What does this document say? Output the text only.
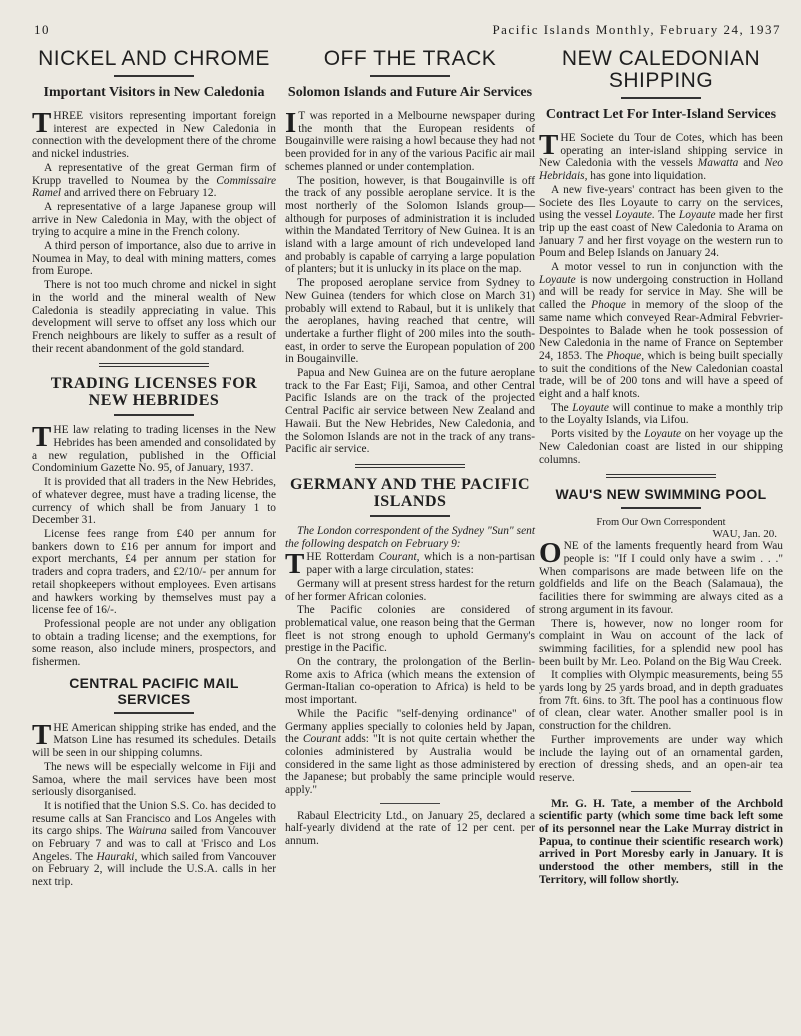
10	Pacific Islands Monthly, February 24, 1937
NICKEL AND CHROME
Important Visitors in New Caledonia

THREE visitors representing important foreign interest are expected in New Caledonia in connection with the development there of the chrome and nickel industries.

A representative of the great German firm of Krupp travelled to Noumea by the Commissaire Ramel and arrived there on February 12.

A representative of a large Japanese group will arrive in New Caledonia in May, with the object of trying to acquire a mine in the French colony.

A third person of importance, also due to arrive in Noumea in May, to deal with mining matters, comes from Europe.

There is not too much chrome and nickel in sight in the world and the mineral wealth of New Caledonia is steadily appreciating in value. This development will serve to offset any loss which our French neighbours are likely to suffer as a result of their recent abandonment of the gold standard.

TRADING LICENSES FOR NEW HEBRIDES

THE law relating to trading licenses in the New Hebrides has been amended and consolidated by a new regulation, published in the Official Condominium Gazette No. 95, of January, 1937.

It is provided that all traders in the New Hebrides, of whatever degree, must have a trading license, the currency of which shall be from January 1 to December 31.

License fees range from £40 per annum for bankers down to £16 per annum for import and export merchants, £4 per annum per station for traders and copra traders, and £2/10/- per annum for retail shopkeepers without employees. Even artisans and hawkers working by themselves must pay a license fee of 16/-.

Professional people are not under any obligation to obtain a trading license; and the exemptions, for some reason, also include miners, prospectors, and fishermen.

CENTRAL PACIFIC MAIL SERVICES

THE American shipping strike has ended, and the Matson Line has resumed its schedules. Details will be seen in our shipping columns.

The news will be especially welcome in Fiji and Samoa, where the mail services have been most seriously disorganised.

It is notified that the Union S.S. Co. has decided to resume calls at San Francisco and Los Angeles with its cargo ships. The Wairuna sailed from Vancouver on February 7 and was to call at 'Frisco and Los Angeles. The Hauraki, which sailed from Vancouver on February 2, will include the U.S.A. calls in her next trip.

OFF THE TRACK
Solomon Islands and Future Air Services

I T was reported in a Melbourne newspaper during the month that the European residents of Bougainville were raising a howl because they had not been provided for in any of the various Pacific air mail schemes planned or under contemplation.

The position, however, is that Bougainville is off the track of any possible aeroplane service. It is the most northerly of the Solomon Islands group—although for purposes of administration it is included within the Mandated Territory of New Guinea. It is an island with a large amount of rich undeveloped land and probably is capable of carrying a large population of planters; but it is unlucky in its place on the map.

The proposed aeroplane service from Sydney to New Guinea (tenders for which close on March 31) probably will extend to Rabaul, but it is unlikely that the aeroplanes, having reached that centre, will undertake a further flight of 200 miles into the south-east, in order to serve the European population of 200 in Bougainville.

Papua and New Guinea are on the future aeroplane track to the Far East; Fiji, Samoa, and other Central Pacific Islands are on the track of the projected Central Pacific air service between New Zealand and Hawaii. But the New Hebrides, New Caledonia, and the Solomon Islands are not in the track of any trans-Pacific air service.

GERMANY AND THE PACIFIC ISLANDS

The London correspondent of the Sydney "Sun" sent the following despatch on February 9:

THE Rotterdam Courant, which is a non-partisan paper with a large circulation, states:

Germany will at present stress hardest for the return of her former African colonies.

The Pacific colonies are considered of problematical value, one reason being that the German fleet is not strong enough to uphold Germany's prestige in the Pacific.

On the contrary, the prolongation of the Berlin-Rome axis to Africa (which means the extension of German-Italian co-operation to Africa) is held to be most important.

While the Pacific "self-denying ordinance" of Germany applies specially to colonies held by Japan, the Courant adds: "It is not quite certain whether the colonies administered by Australia would be considered in the same light as those administered by the Japanese; but probably the same principle would apply."

Rabaul Electricity Ltd., on January 25, declared a half-yearly dividend at the rate of 12 per cent. per annum.

NEW CALEDONIAN SHIPPING
Contract Let For Inter-Island Services

THE Societe du Tour de Cotes, which has been operating an inter-island shipping service in New Caledonia with the vessels Mawatta and Neo Hebridais, has gone into liquidation.

A new five-years' contract has been given to the Societe des Iles Loyaute to carry on the services, using the vessel Loyaute. The Loyaute made her first trip up the east coast of New Caledonia to Arama on January 7 and her first voyage on the western run to Poum and Belep Islands on January 24.

A motor vessel to run in conjunction with the Loyaute is now undergoing construction in Holland and will be ready for service in May. She will be called the Phoque in memory of the sloop of the same name which conveyed Rear-Admiral Febvrier-Despointes to Balade when he took possession of New Caledonia in the name of France on September 24, 1853. The Phoque, which is being built specially to suit the conditions of the New Caledonian coastal trade, will be of 200 tons and will have a speed of eight and a half knots.

The Loyaute will continue to make a monthly trip to the Loyalty Islands, via Lifou.

Ports visited by the Loyaute on her voyage up the New Caledonian coast are listed in our shipping columns.

WAU'S NEW SWIMMING POOL
From Our Own Correspondent
WAU, Jan. 20.

ONE of the laments frequently heard from Wau people is: "If I could only have a swim . . ." When comparisons are made between life on the goldfields and life on the Beach (Salamaua), the facilities there for swimming are always cited as a strong argument in its favour.

There is, however, now no longer room for complaint in Wau on account of the lack of swimming facilities, for a splendid new pool has been built by Mr. Leo. Poland on the Big Wau Creek.

It complies with Olympic measurements, being 55 yards long by 25 yards broad, and in depth graduates from 7ft. 6ins. to 3ft. The pool has a continuous flow of clean, clear water. Another smaller pool is in construction for the children.

Further improvements are under way which include the laying out of an ornamental garden, erection of dressing sheds, and an open-air tea reserve.

Mr. G. H. Tate, a member of the Archbold scientific party (which some time back left some of its personnel near the Lake Murray district in Papua, to continue their scientific research work) arrived in Port Moresby early in January. It is understood the other members, still in the Territory, will follow shortly.
